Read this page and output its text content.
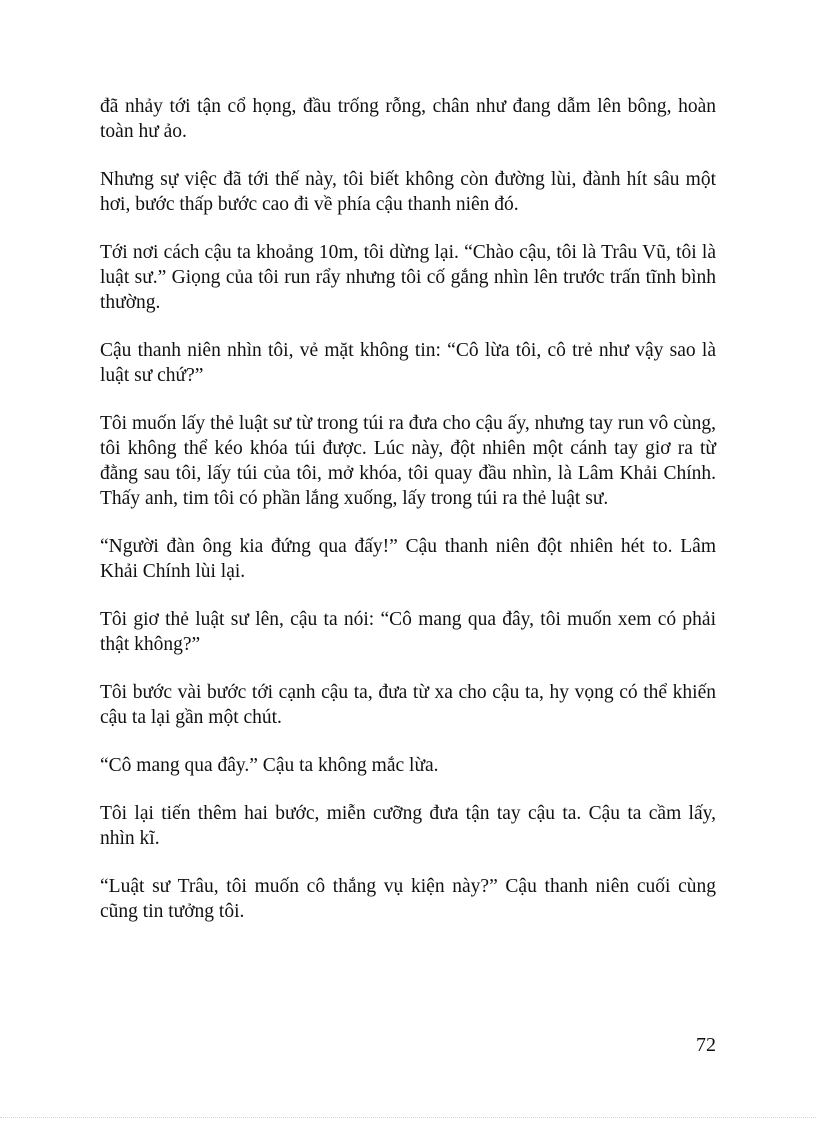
đã nhảy tới tận cổ họng, đầu trống rỗng, chân như đang dẫm lên bông, hoàn toàn hư ảo.

Nhưng sự việc đã tới thế này, tôi biết không còn đường lùi, đành hít sâu một hơi, bước thấp bước cao đi về phía cậu thanh niên đó.

Tới nơi cách cậu ta khoảng 10m, tôi dừng lại. “Chào cậu, tôi là Trâu Vũ, tôi là luật sư.” Giọng của tôi run rẩy nhưng tôi cố gắng nhìn lên trước trấn tĩnh bình thường.

Cậu thanh niên nhìn tôi, vẻ mặt không tin: “Cô lừa tôi, cô trẻ như vậy sao là luật sư chứ?”

Tôi muốn lấy thẻ luật sư từ trong túi ra đưa cho cậu ấy, nhưng tay run vô cùng, tôi không thể kéo khóa túi được. Lúc này, đột nhiên một cánh tay giơ ra từ đằng sau tôi, lấy túi của tôi, mở khóa, tôi quay đầu nhìn, là Lâm Khải Chính. Thấy anh, tim tôi có phần lắng xuống, lấy trong túi ra thẻ luật sư.

“Người đàn ông kia đứng qua đấy!” Cậu thanh niên đột nhiên hét to. Lâm Khải Chính lùi lại.

Tôi giơ thẻ luật sư lên, cậu ta nói: “Cô mang qua đây, tôi muốn xem có phải thật không?”

Tôi bước vài bước tới cạnh cậu ta, đưa từ xa cho cậu ta, hy vọng có thể khiến cậu ta lại gần một chút.

“Cô mang qua đây.” Cậu ta không mắc lừa.

Tôi lại tiến thêm hai bước, miễn cưỡng đưa tận tay cậu ta. Cậu ta cầm lấy, nhìn kĩ.

“Luật sư Trâu, tôi muốn cô thắng vụ kiện này?” Cậu thanh niên cuối cùng cũng tin tưởng tôi.

72
